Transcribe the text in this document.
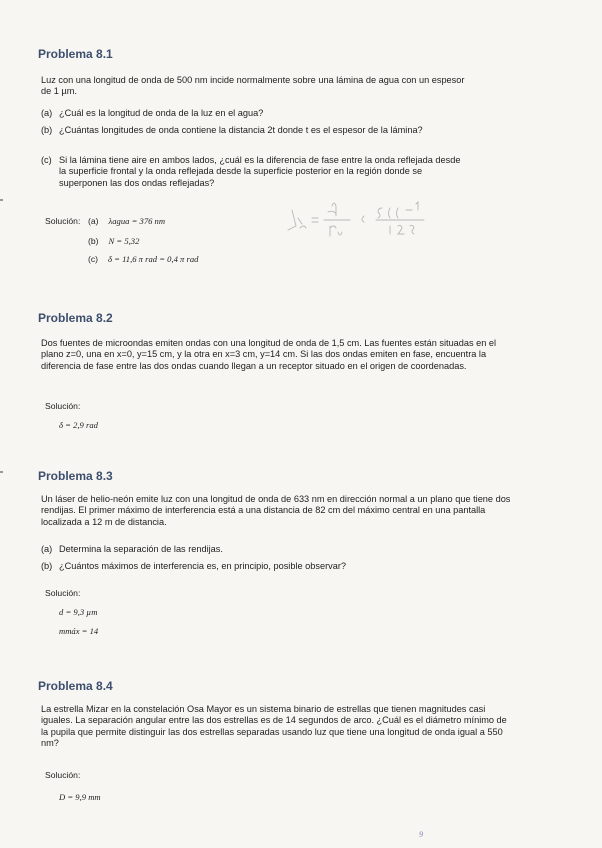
Problema 8.1

Luz con una longitud de onda de 500 nm incide normalmente sobre una lámina de agua con un espesor de 1 µm.

(a) ¿Cuál es la longitud de onda de la luz en el agua?
(b) ¿Cuántas longitudes de onda contiene la distancia 2t donde t es el espesor de la lámina?
(c) Si la lámina tiene aire en ambos lados, ¿cuál es la diferencia de fase entre la onda reflejada desde la superficie frontal y la onda reflejada desde la superficie posterior en la región donde se superponen las dos ondas reflejadas?
Solución: (a) λagua = 376 nm
(b) N = 5,32
(c) δ = 11,6 π rad = 0,4 π rad
Problema 8.2

Dos fuentes de microondas emiten ondas con una longitud de onda de 1,5 cm. Las fuentes están situadas en el plano z=0, una en x=0, y=15 cm, y la otra en x=3 cm, y=14 cm. Si las dos ondas emiten en fase, encuentra la diferencia de fase entre las dos ondas cuando llegan a un receptor situado en el origen de coordenadas.

Solución:
δ = 2,9 rad
Problema 8.3

Un láser de helio-neón emite luz con una longitud de onda de 633 nm en dirección normal a un plano que tiene dos rendijas. El primer máximo de interferencia está a una distancia de 82 cm del máximo central en una pantalla localizada a 12 m de distancia.

(a) Determina la separación de las rendijas.
(b) ¿Cuántos máximos de interferencia es, en principio, posible observar?
Solución:
d = 9,3 µm
mmáx = 14
Problema 8.4

La estrella Mizar en la constelación Osa Mayor es un sistema binario de estrellas que tienen magnitudes casi iguales. La separación angular entre las dos estrellas es de 14 segundos de arco. ¿Cuál es el diámetro mínimo de la pupila que permite distinguir las dos estrellas separadas usando luz que tiene una longitud de onda igual a 550 nm?

Solución:
D = 9,9 mm
9
